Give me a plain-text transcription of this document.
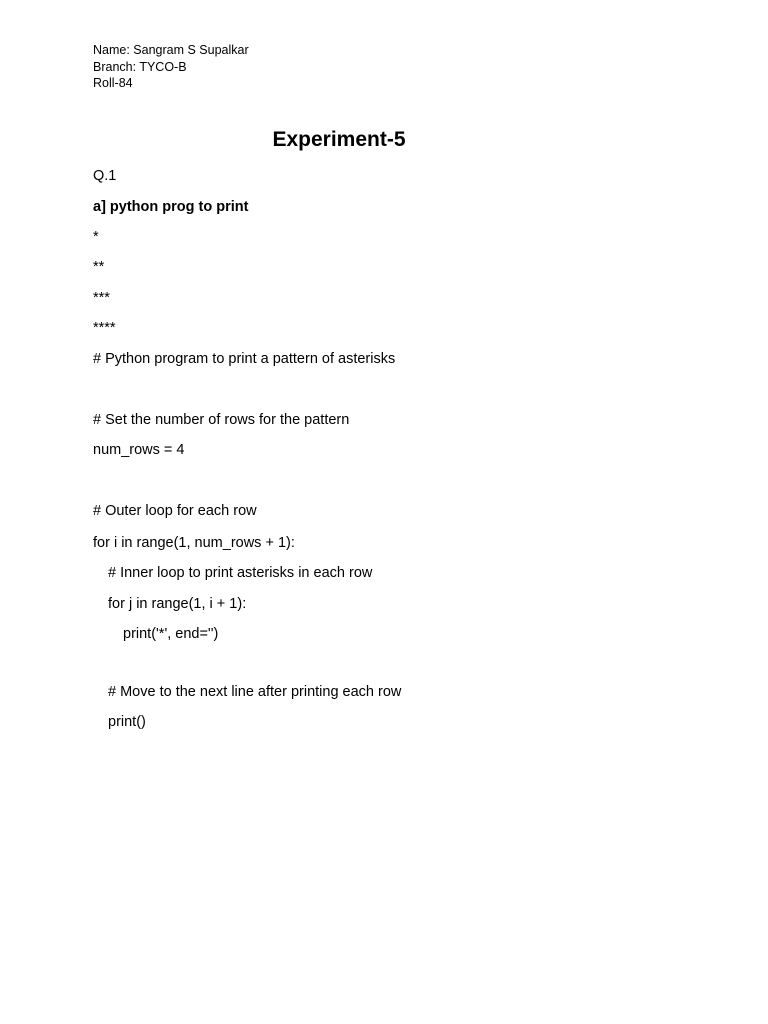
Name: Sangram S Supalkar
Branch: TYCO-B
Roll-84
Experiment-5
Q.1
a] python prog to print
*
**
***
****
# Python program to print a pattern of asterisks
# Set the number of rows for the pattern
num_rows = 4
# Outer loop for each row
for i in range(1, num_rows + 1):
# Inner loop to print asterisks in each row
for j in range(1, i + 1):
print('*', end='')
# Move to the next line after printing each row
print()
